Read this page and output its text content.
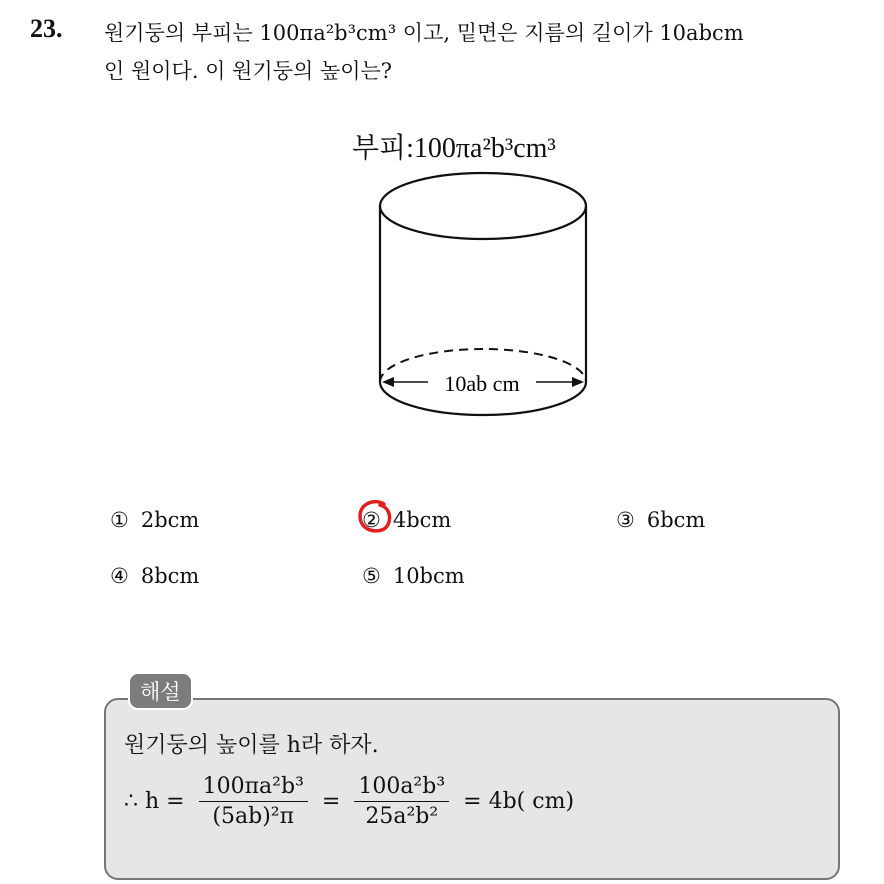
23. 원기둥의 부피는 100πa²b³cm³ 이고, 밑면은 지름의 길이가 10abcm
인 원이다. 이 원기둥의 높이는?
부피:100πa²b³cm³
10ab cm
① 2bcm	② 4bcm	③ 6bcm
④ 8bcm	⑤ 10bcm
해설
원기둥의 높이를 h라 하자.
∴ $h = \frac{\text{100πa²b³}}{\text{(5ab)²π}} = \frac{\text{100a²b³}}{\text{25a²b²}} = 4b$( cm)
